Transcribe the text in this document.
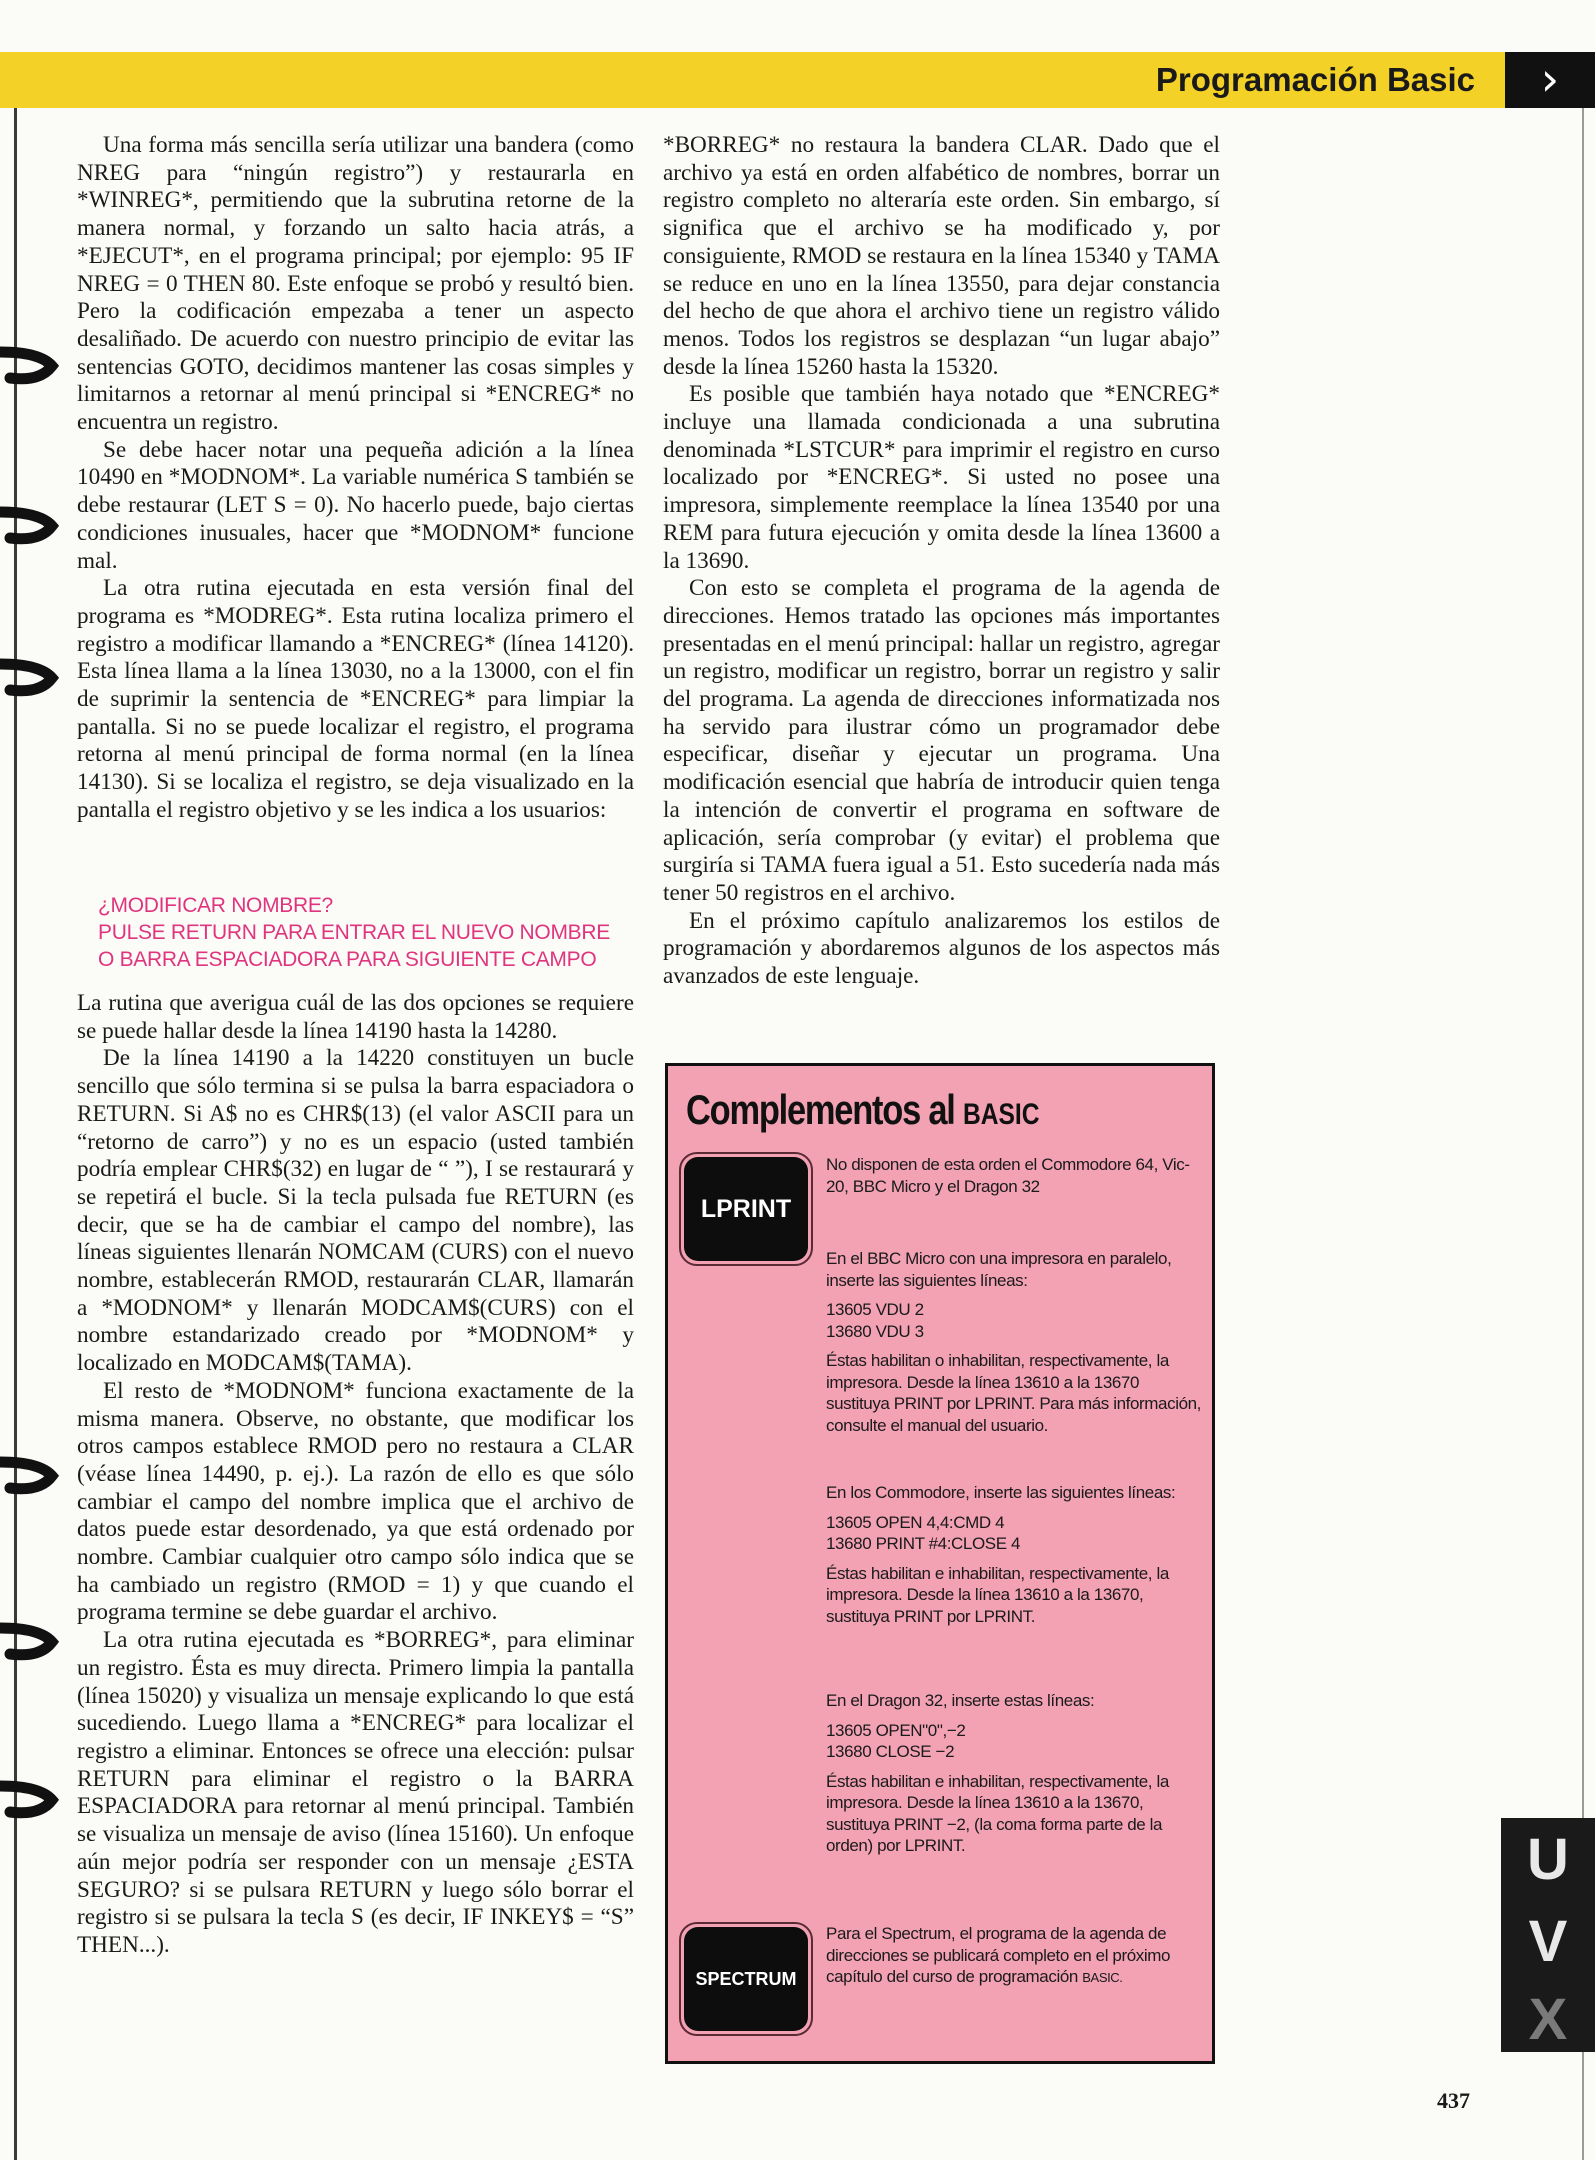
Programación Basic	›

Una forma más sencilla sería utilizar una bandera (como NREG para “ningún registro”) y restaurarla en *WINREG*, permitiendo que la subrutina retorne de la manera normal, y forzando un salto hacia atrás, a *EJECUT*, en el programa principal; por ejemplo: 95 IF NREG = 0 THEN 80. Este enfoque se probó y resultó bien. Pero la codificación empezaba a tener un aspecto desaliñado. De acuerdo con nuestro principio de evitar las sentencias GOTO, decidimos mantener las cosas simples y limitarnos a retornar al menú principal si *ENCREG* no encuentra un registro.

Se debe hacer notar una pequeña adición a la línea 10490 en *MODNOM*. La variable numérica S también se debe restaurar (LET S = 0). No hacerlo puede, bajo ciertas condiciones inusuales, hacer que *MODNOM* funcione mal.

La otra rutina ejecutada en esta versión final del programa es *MODREG*. Esta rutina localiza primero el registro a modificar llamando a *ENCREG* (línea 14120). Esta línea llama a la línea 13030, no a la 13000, con el fin de suprimir la sentencia de *ENCREG* para limpiar la pantalla. Si no se puede localizar el registro, el programa retorna al menú principal de forma normal (en la línea 14130). Si se localiza el registro, se deja visualizado en la pantalla el registro objetivo y se les indica a los usuarios:

¿MODIFICAR NOMBRE?
PULSE RETURN PARA ENTRAR EL NUEVO NOMBRE
O BARRA ESPACIADORA PARA SIGUIENTE CAMPO

La rutina que averigua cuál de las dos opciones se requiere se puede hallar desde la línea 14190 hasta la 14280.

De la línea 14190 a la 14220 constituyen un bucle sencillo que sólo termina si se pulsa la barra espaciadora o RETURN. Si A$ no es CHR$(13) (el valor ASCII para un “retorno de carro”) y no es un espacio (usted también podría emplear CHR$(32) en lugar de “ ”), I se restaurará y se repetirá el bucle. Si la tecla pulsada fue RETURN (es decir, que se ha de cambiar el campo del nombre), las líneas siguientes llenarán NOMCAM (CURS) con el nuevo nombre, establecerán RMOD, restaurarán CLAR, llamarán a *MODNOM* y llenarán MODCAM$(CURS) con el nombre estandarizado creado por *MODNOM* y localizado en MODCAM$(TAMA).

El resto de *MODNOM* funciona exactamente de la misma manera. Observe, no obstante, que modificar los otros campos establece RMOD pero no restaura a CLAR (véase línea 14490, p. ej.). La razón de ello es que sólo cambiar el campo del nombre implica que el archivo de datos puede estar desordenado, ya que está ordenado por nombre. Cambiar cualquier otro campo sólo indica que se ha cambiado un registro (RMOD = 1) y que cuando el programa termine se debe guardar el archivo.

La otra rutina ejecutada es *BORREG*, para eliminar un registro. Ésta es muy directa. Primero limpia la pantalla (línea 15020) y visualiza un mensaje explicando lo que está sucediendo. Luego llama a *ENCREG* para localizar el registro a eliminar. Entonces se ofrece una elección: pulsar RETURN para eliminar el registro o la BARRA ESPACIADORA para retornar al menú principal. También se visualiza un mensaje de aviso (línea 15160). Un enfoque aún mejor podría ser responder con un mensaje ¿ESTA SEGURO? si se pulsara RETURN y luego sólo borrar el registro si se pulsara la tecla S (es decir, IF INKEY$ = “S” THEN...).

*BORREG* no restaura la bandera CLAR. Dado que el archivo ya está en orden alfabético de nombres, borrar un registro completo no alteraría este orden. Sin embargo, sí significa que el archivo se ha modificado y, por consiguiente, RMOD se restaura en la línea 15340 y TAMA se reduce en uno en la línea 13550, para dejar constancia del hecho de que ahora el archivo tiene un registro válido menos. Todos los registros se desplazan “un lugar abajo” desde la línea 15260 hasta la 15320.

Es posible que también haya notado que *ENCREG* incluye una llamada condicionada a una subrutina denominada *LSTCUR* para imprimir el registro en curso localizado por *ENCREG*. Si usted no posee una impresora, simplemente reemplace la línea 13540 por una REM para futura ejecución y omita desde la línea 13600 a la 13690.

Con esto se completa el programa de la agenda de direcciones. Hemos tratado las opciones más importantes presentadas en el menú principal: hallar un registro, agregar un registro, modificar un registro, borrar un registro y salir del programa. La agenda de direcciones informatizada nos ha servido para ilustrar cómo un programador debe especificar, diseñar y ejecutar un programa. Una modificación esencial que habría de introducir quien tenga la intención de convertir el programa en software de aplicación, sería comprobar (y evitar) el problema que surgiría si TAMA fuera igual a 51. Esto sucedería nada más tener 50 registros en el archivo.

En el próximo capítulo analizaremos los estilos de programación y abordaremos algunos de los aspectos más avanzados de este lenguaje.

Complementos al BASIC
LPRINT
No disponen de esta orden el Commodore 64, Vic-20, BBC Micro y el Dragon 32
En el BBC Micro con una impresora en paralelo, inserte las siguientes líneas:
13605 VDU 2
13680 VDU 3
Éstas habilitan o inhabilitan, respectivamente, la impresora. Desde la línea 13610 a la 13670 sustituya PRINT por LPRINT. Para más información, consulte el manual del usuario.
En los Commodore, inserte las siguientes líneas:
13605 OPEN 4,4:CMD 4
13680 PRINT #4:CLOSE 4
Éstas habilitan e inhabilitan, respectivamente, la impresora. Desde la línea 13610 a la 13670, sustituya PRINT por LPRINT.
En el Dragon 32, inserte estas líneas:
13605 OPEN"0",−2
13680 CLOSE −2
Éstas habilitan e inhabilitan, respectivamente, la impresora. Desde la línea 13610 a la 13670, sustituya PRINT −2, (la coma forma parte de la orden) por LPRINT.
SPECTRUM
Para el Spectrum, el programa de la agenda de direcciones se publicará completo en el próximo capítulo del curso de programación BASIC.
437
U
V
X
